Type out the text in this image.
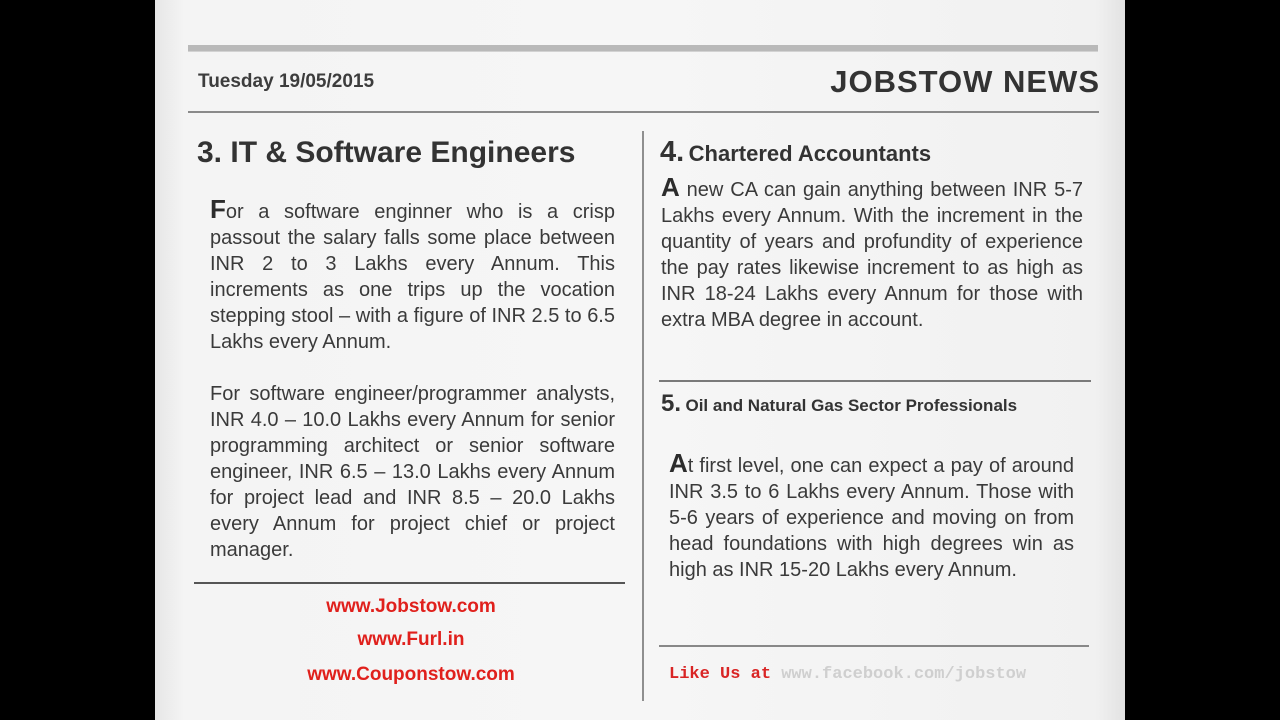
Tuesday 19/05/2015	JOBSTOW NEWS
3. IT & Software Engineers
For a software enginner who is a crisp passout the salary falls some place between INR 2 to 3 Lakhs every Annum. This increments as one trips up the vocation stepping stool – with a figure of INR 2.5 to 6.5 Lakhs every Annum.
For software engineer/programmer analysts, INR 4.0 – 10.0 Lakhs every Annum for senior programming architect or senior software engineer, INR 6.5 – 13.0 Lakhs every Annum for project lead and INR 8.5 – 20.0 Lakhs every Annum for project chief or project manager.
www.Jobstow.com
www.Furl.in
www.Couponstow.com
4. Chartered Accountants
A new CA can gain anything between INR 5-7 Lakhs every Annum. With the increment in the quantity of years and profundity of experience the pay rates likewise increment to as high as INR 18-24 Lakhs every Annum for those with extra MBA degree in account.
5. Oil and Natural Gas Sector Professionals
At first level, one can expect a pay of around INR 3.5 to 6 Lakhs every Annum. Those with 5-6 years of experience and moving on from head foundations with high degrees win as high as INR 15-20 Lakhs every Annum.
Like Us at www.facebook.com/jobstow
